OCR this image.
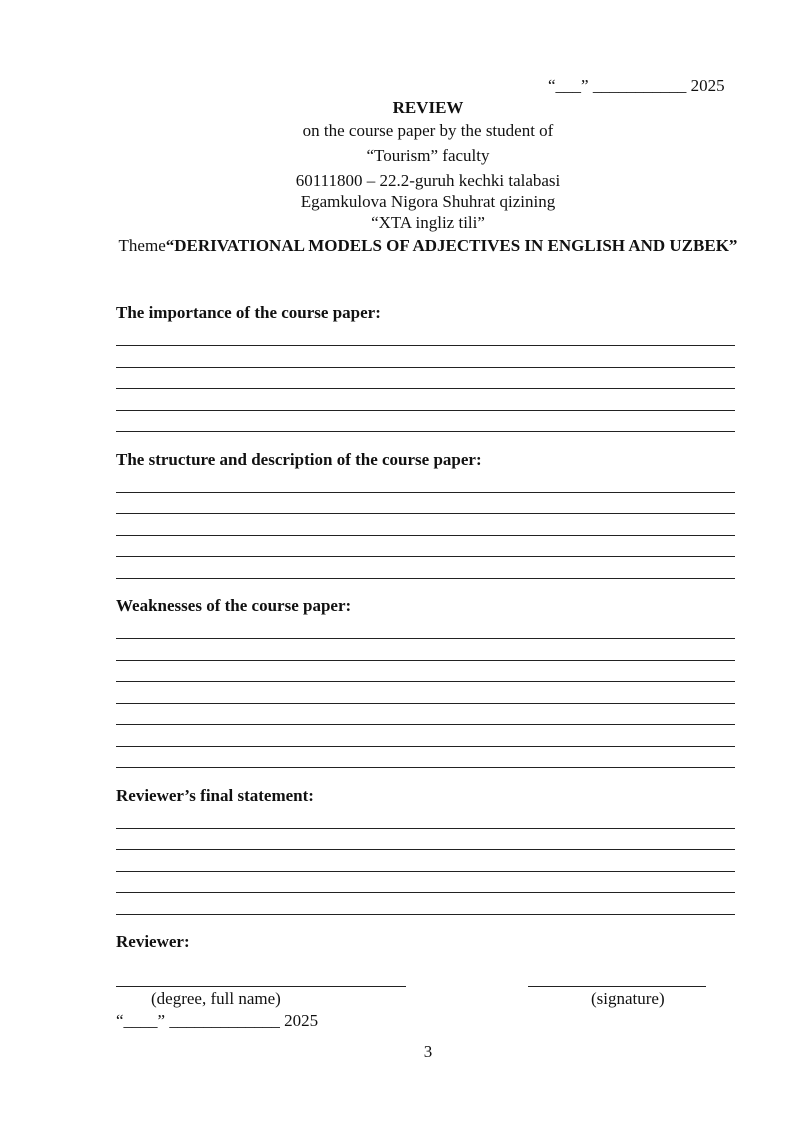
“___” ___________ 2025
REVIEW
on the course paper by the student of
“Tourism” faculty
60111800 – 22.2-guruh kechki talabasi
Egamkulova Nigora Shuhrat qizining
“XTA ingliz tili”
Theme“DERIVATIONAL MODELS OF ADJECTIVES IN ENGLISH AND UZBEK”
The importance of the course paper:
The structure and description of the course paper:
Weaknesses of the course paper:
Reviewer’s final statement:
Reviewer:
(degree, full name)	(signature)
“____” _____________ 2025
3
